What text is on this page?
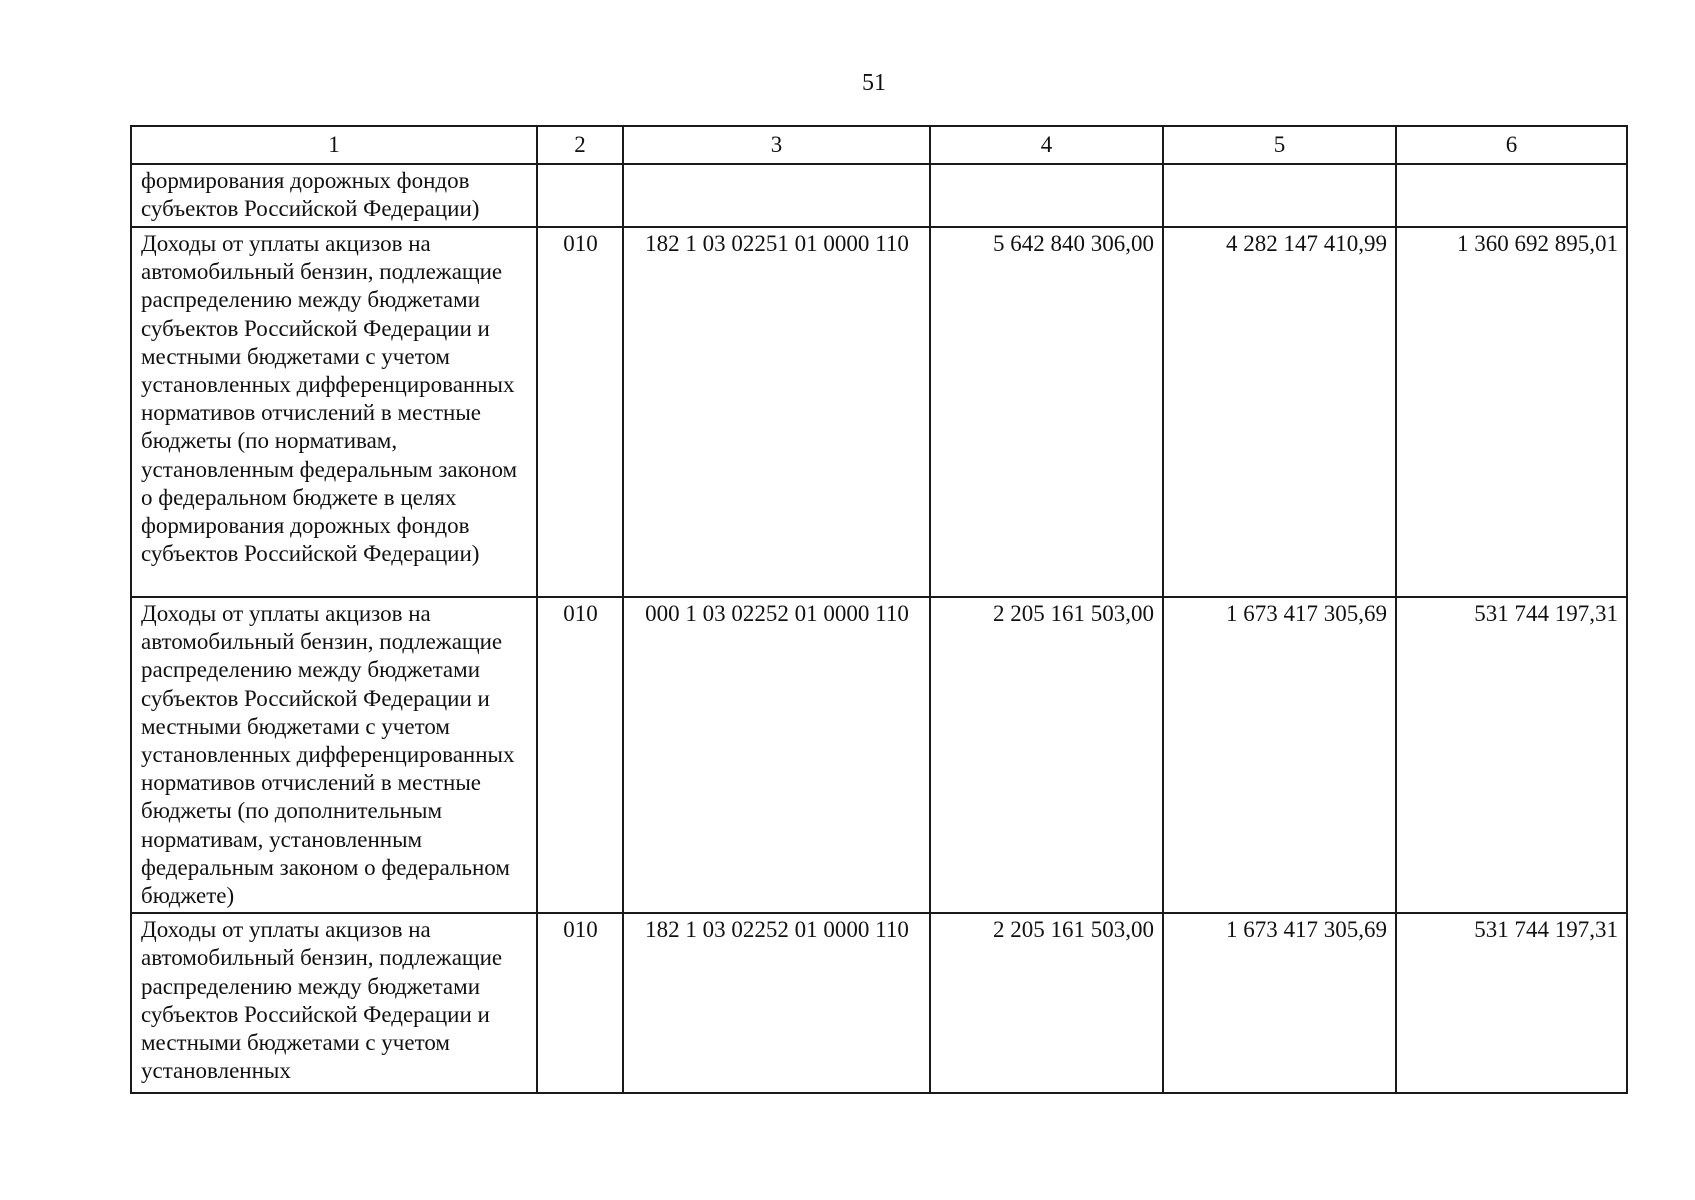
51
1	2	3	4	5	6
формирования дорожных фондов субъектов Российской Федерации)					
Доходы от уплаты акцизов на автомобильный бензин, подлежащие распределению между бюджетами субъектов Российской Федерации и местными бюджетами с учетом установленных дифференцированных нормативов отчислений в местные бюджеты (по нормативам, установленным федеральным законом о федеральном бюджете в целях формирования дорожных фондов субъектов Российской Федерации)	010	182 1 03 02251 01 0000 110	5 642 840 306,00	4 282 147 410,99	1 360 692 895,01
Доходы от уплаты акцизов на автомобильный бензин, подлежащие распределению между бюджетами субъектов Российской Федерации и местными бюджетами с учетом установленных дифференцированных нормативов отчислений в местные бюджеты (по дополнительным нормативам, установленным федеральным законом о федеральном бюджете)	010	000 1 03 02252 01 0000 110	2 205 161 503,00	1 673 417 305,69	531 744 197,31
Доходы от уплаты акцизов на автомобильный бензин, подлежащие распределению между бюджетами субъектов Российской Федерации и местными бюджетами с учетом установленных	010	182 1 03 02252 01 0000 110	2 205 161 503,00	1 673 417 305,69	531 744 197,31
